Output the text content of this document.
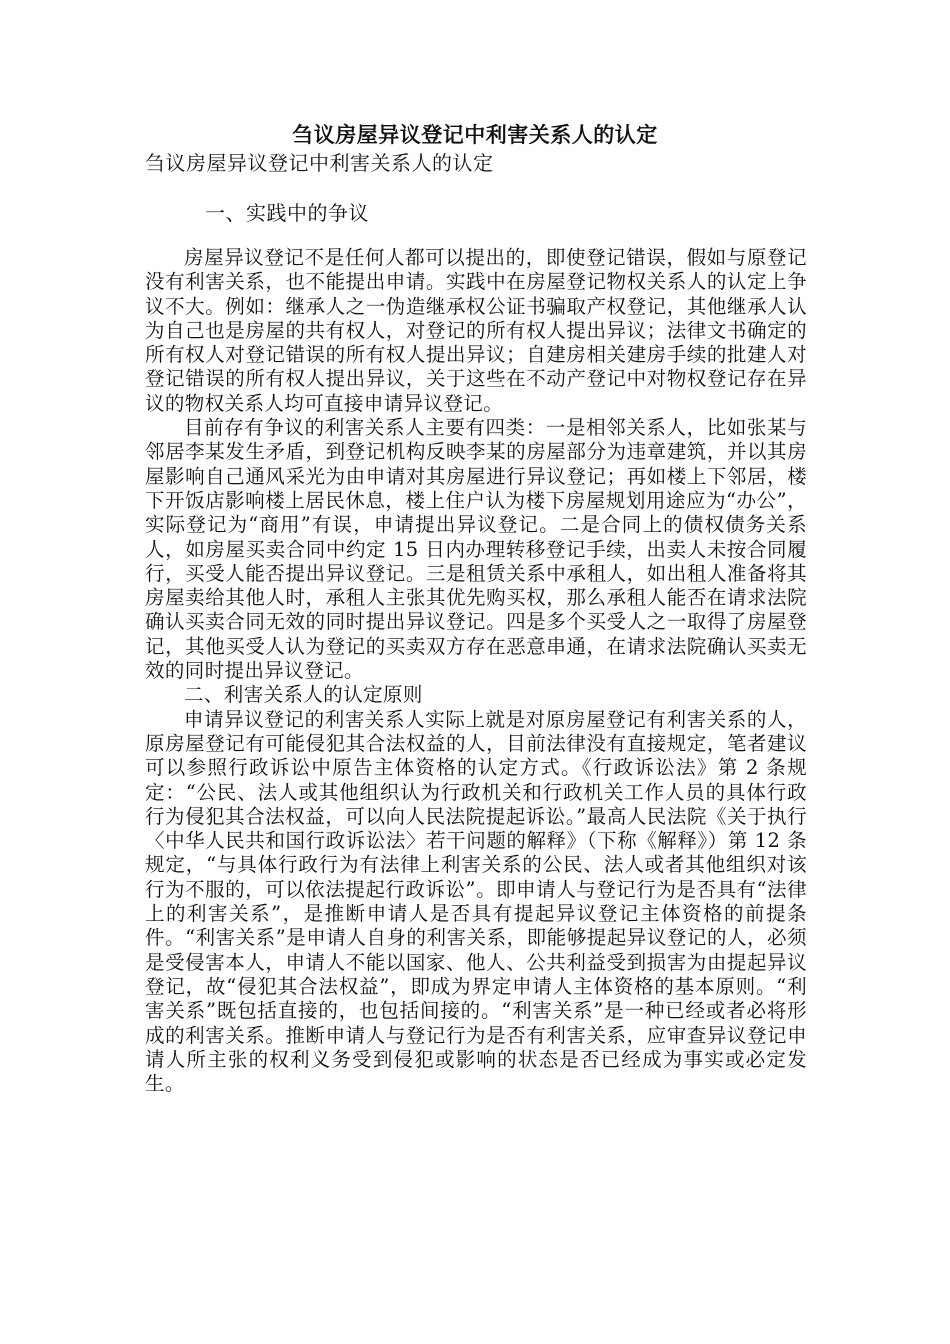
刍议房屋异议登记中利害关系人的认定
刍议房屋异议登记中利害关系人的认定
一、实践中的争议

房屋异议登记不是任何人都可以提出的，即使登记错误，假如与原登记没有利害关系，也不能提出申请。实践中在房屋登记物权关系人的认定上争议不大。例如：继承人之一伪造继承权公证书骗取产权登记，其他继承人认为自己也是房屋的共有权人，对登记的所有权人提出异议；法律文书确定的所有权人对登记错误的所有权人提出异议；自建房相关建房手续的批建人对登记错误的所有权人提出异议，关于这些在不动产登记中对物权登记存在异议的物权关系人均可直接申请异议登记。

目前存有争议的利害关系人主要有四类：一是相邻关系人，比如张某与邻居李某发生矛盾，到登记机构反映李某的房屋部分为违章建筑，并以其房屋影响自己通风采光为由申请对其房屋进行异议登记；再如楼上下邻居，楼下开饭店影响楼上居民休息，楼上住户认为楼下房屋规划用途应为“办公”，实际登记为“商用”有误，申请提出异议登记。二是合同上的债权债务关系人，如房屋买卖合同中约定 15 日内办理转移登记手续，出卖人未按合同履行，买受人能否提出异议登记。三是租赁关系中承租人，如出租人准备将其房屋卖给其他人时，承租人主张其优先购买权，那么承租人能否在请求法院确认买卖合同无效的同时提出异议登记。四是多个买受人之一取得了房屋登记，其他买受人认为登记的买卖双方存在恶意串通，在请求法院确认买卖无效的同时提出异议登记。

二、利害关系人的认定原则

申请异议登记的利害关系人实际上就是对原房屋登记有利害关系的人，原房屋登记有可能侵犯其合法权益的人，目前法律没有直接规定，笔者建议可以参照行政诉讼中原告主体资格的认定方式。《行政诉讼法》第 2 条规定：“公民、法人或其他组织认为行政机关和行政机关工作人员的具体行政行为侵犯其合法权益，可以向人民法院提起诉讼。”最高人民法院《关于执行〈中华人民共和国行政诉讼法〉若干问题的解释》（下称《解释》）第 12 条规定，“与具体行政行为有法律上利害关系的公民、法人或者其他组织对该行为不服的，可以依法提起行政诉讼”。即申请人与登记行为是否具有“法律上的利害关系”，是推断申请人是否具有提起异议登记主体资格的前提条件。“利害关系”是申请人自身的利害关系，即能够提起异议登记的人，必须是受侵害本人，申请人不能以国家、他人、公共利益受到损害为由提起异议登记，故“侵犯其合法权益”，即成为界定申请人主体资格的基本原则。“利害关系”既包括直接的，也包括间接的。“利害关系”是一种已经或者必将形成的利害关系。推断申请人与登记行为是否有利害关系，应审查异议登记申请人所主张的权利义务受到侵犯或影响的状态是否已经成为事实或必定发生。
